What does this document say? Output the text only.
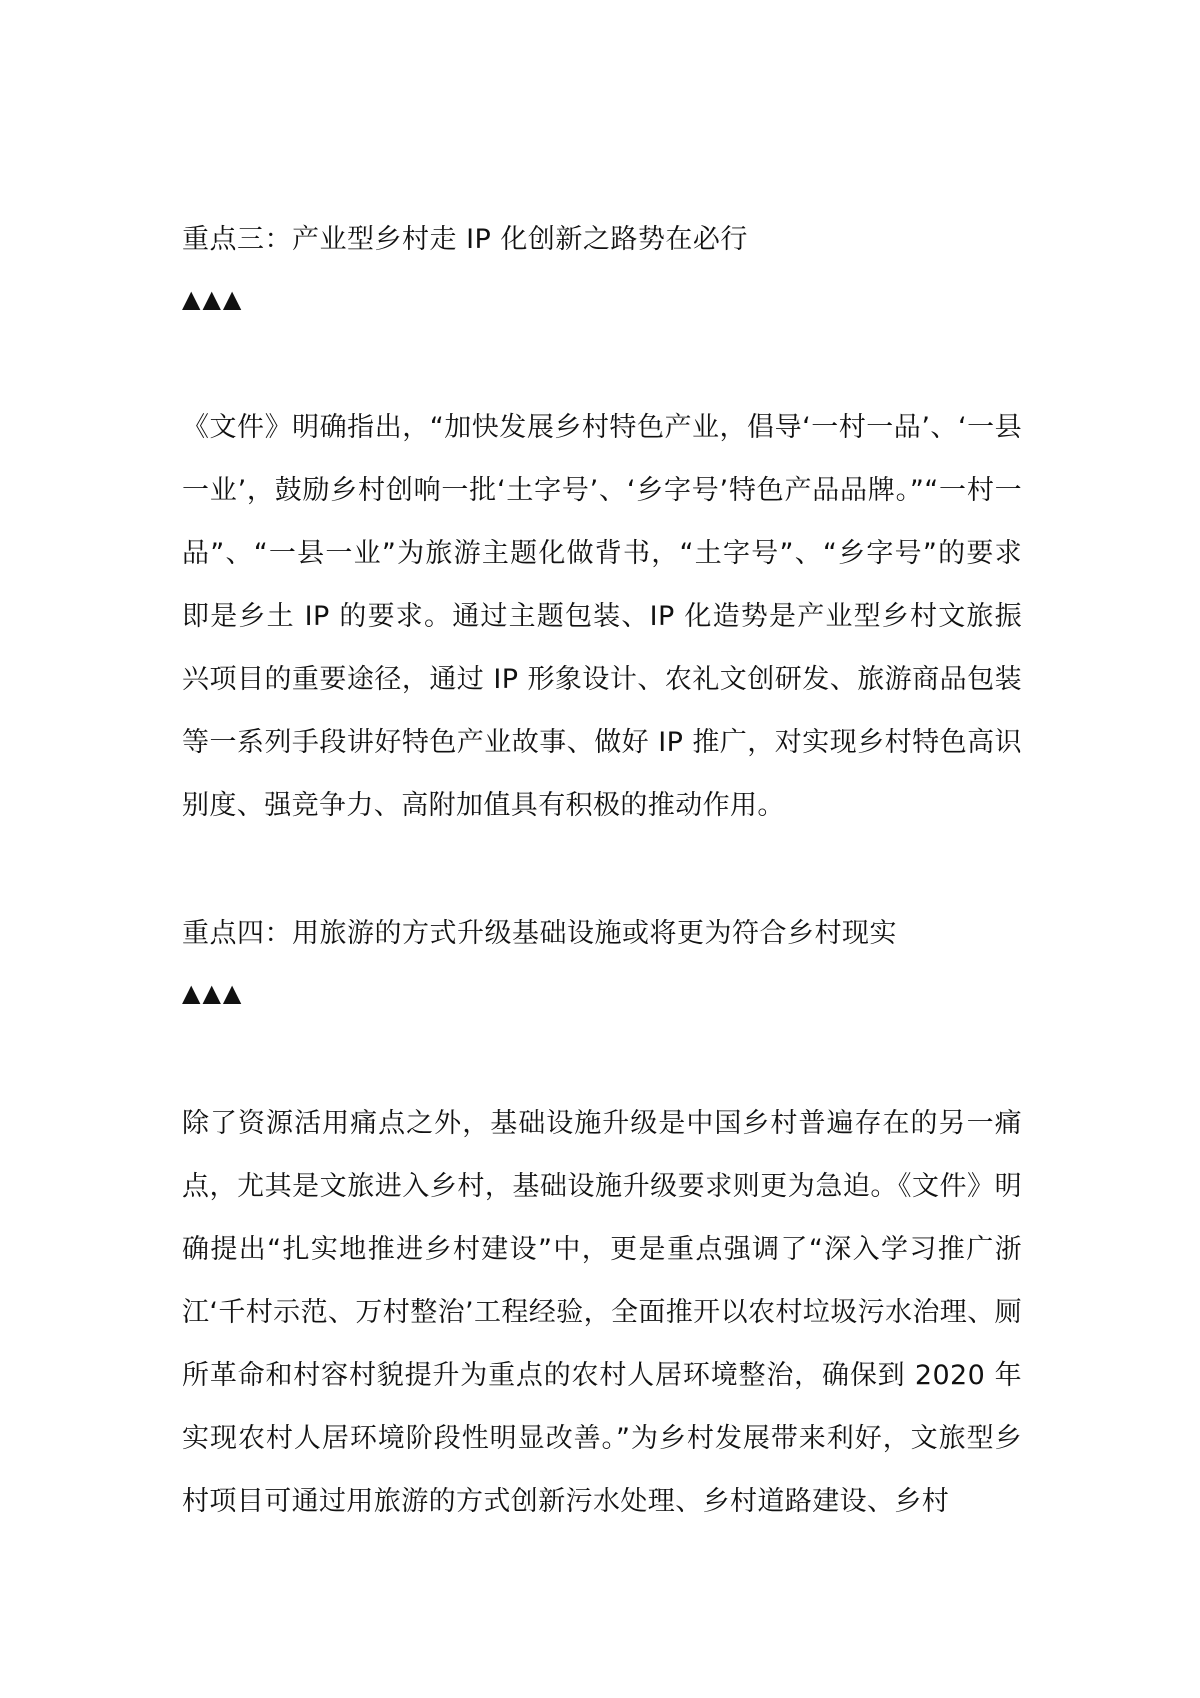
重点三：产业型乡村走 IP 化创新之路势在必行
▲▲▲

《文件》明确指出，“加快发展乡村特色产业，倡导‘一村一品’、‘一县一业’，鼓励乡村创响一批‘土字号’、‘乡字号’特色产品品牌。”“一村一品”、“一县一业”为旅游主题化做背书，“土字号”、“乡字号”的要求即是乡土 IP 的要求。通过主题包装、IP 化造势是产业型乡村文旅振兴项目的重要途径，通过 IP 形象设计、农礼文创研发、旅游商品包装等一系列手段讲好特色产业故事、做好 IP 推广，对实现乡村特色高识别度、强竞争力、高附加值具有积极的推动作用。

重点四：用旅游的方式升级基础设施或将更为符合乡村现实
▲▲▲

除了资源活用痛点之外，基础设施升级是中国乡村普遍存在的另一痛点，尤其是文旅进入乡村，基础设施升级要求则更为急迫。《文件》明确提出“扎实地推进乡村建设”中，更是重点强调了“深入学习推广浙江‘千村示范、万村整治’工程经验，全面推开以农村垃圾污水治理、厕所革命和村容村貌提升为重点的农村人居环境整治，确保到 2020 年实现农村人居环境阶段性明显改善。”为乡村发展带来利好，文旅型乡村项目可通过用旅游的方式创新污水处理、乡村道路建设、乡村
